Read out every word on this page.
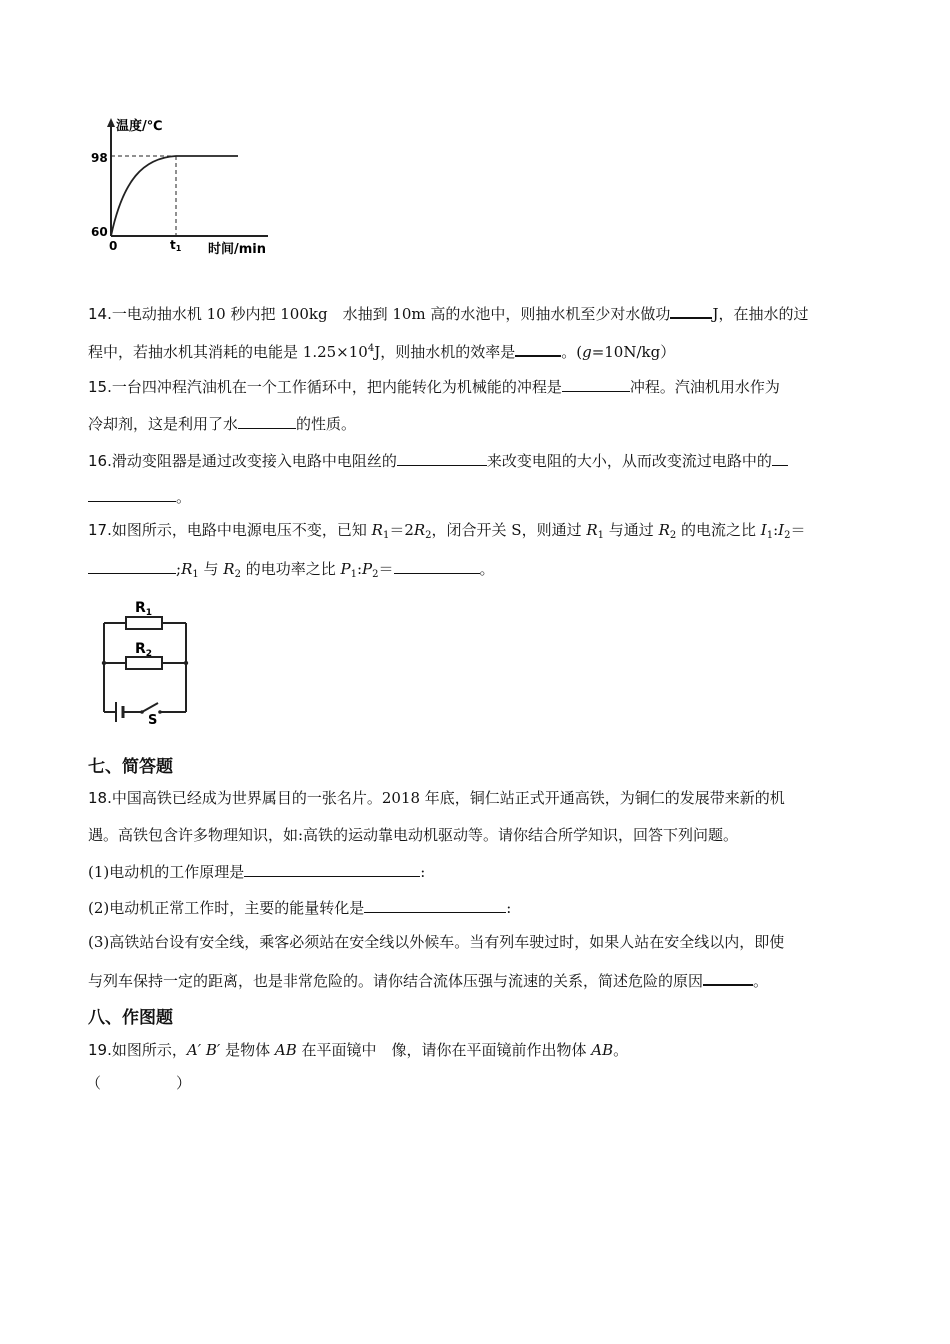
温度/℃
98
60
0	t1 时间/min
14.一电动抽水机 10 秒内把 100kg　水抽到 10m 高的水池中，则抽水机至少对水做功	J，在抽水的过
程中，若抽水机其消耗的电能是 $1.25\times 10^4J$，则抽水机的效率是	。(g=10N/kg）
15.一台四冲程汽油机在一个工作循环中，把内能转化为机械能的冲程是	冲程。汽油机用水作为
冷却剂，这是利用了水	的性质。
16.滑动变阻器是通过改变接入电路中电阻丝的	来改变电阻的大小，从而改变流过电路中的
。
17.如图所示，电路中电源电压不变，已知 $R_1=2R_2$，闭合开关 S，则通过 $R_1$ 与通过 $R_2$ 的电流之比 $I_1:I_2=$
$;R_1$ 与 $R_2$ 的电功率之比 $P_1:P_2=$	。
$R_1$
$R_2$
S
七、简答题
18.中国高铁已经成为世界属目的一张名片。2018 年底，铜仁站正式开通高铁，为铜仁的发展带来新的机
遇。高铁包含许多物理知识，如:高铁的运动靠电动机驱动等。请你结合所学知识，回答下列问题。
(1)电动机的工作原理是	:
(2)电动机正常工作时，主要的能量转化是	:
(3)高铁站台设有安全线，乘客必须站在安全线以外候车。当有列车驶过时，如果人站在安全线以内，即使
与列车保持一定的距离，也是非常危险的。请你结合流体压强与流速的关系，简述危险的原因	。
八、作图题
19.如图所示，A′ B′ 是物体 AB 在平面镜中　像，请你在平面镜前作出物体 AB。
（　　　　　）
